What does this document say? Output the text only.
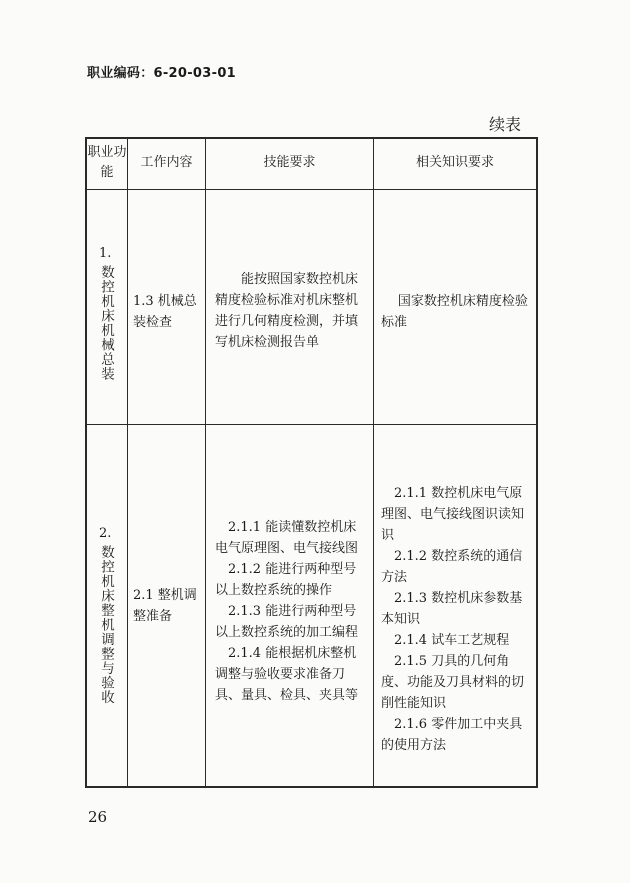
职业编码：6-20-03-01
续表
职业功能
工作内容	技能要求	相关知识要求
1.
数控机床机械总装 1.3 机械总装检查
能按照国家数控机床精度检验标准对机床整机进行几何精度检测，并填写机床检测报告单
国家数控机床精度检验标准
2.
数控机床整机调整与验收 2.1 整机调整准备
2.1.1 能读懂数控机床电气原理图、电气接线图
2.1.2 能进行两种型号以上数控系统的操作
2.1.3 能进行两种型号以上数控系统的加工编程
2.1.4 能根据机床整机调整与验收要求准备刀具、量具、检具、夹具等
2.1.1 数控机床电气原理图、电气接线图识读知识
2.1.2 数控系统的通信方法
2.1.3 数控机床参数基本知识
2.1.4 试车工艺规程
2.1.5 刀具的几何角度、功能及刀具材料的切削性能知识
2.1.6 零件加工中夹具的使用方法
26
